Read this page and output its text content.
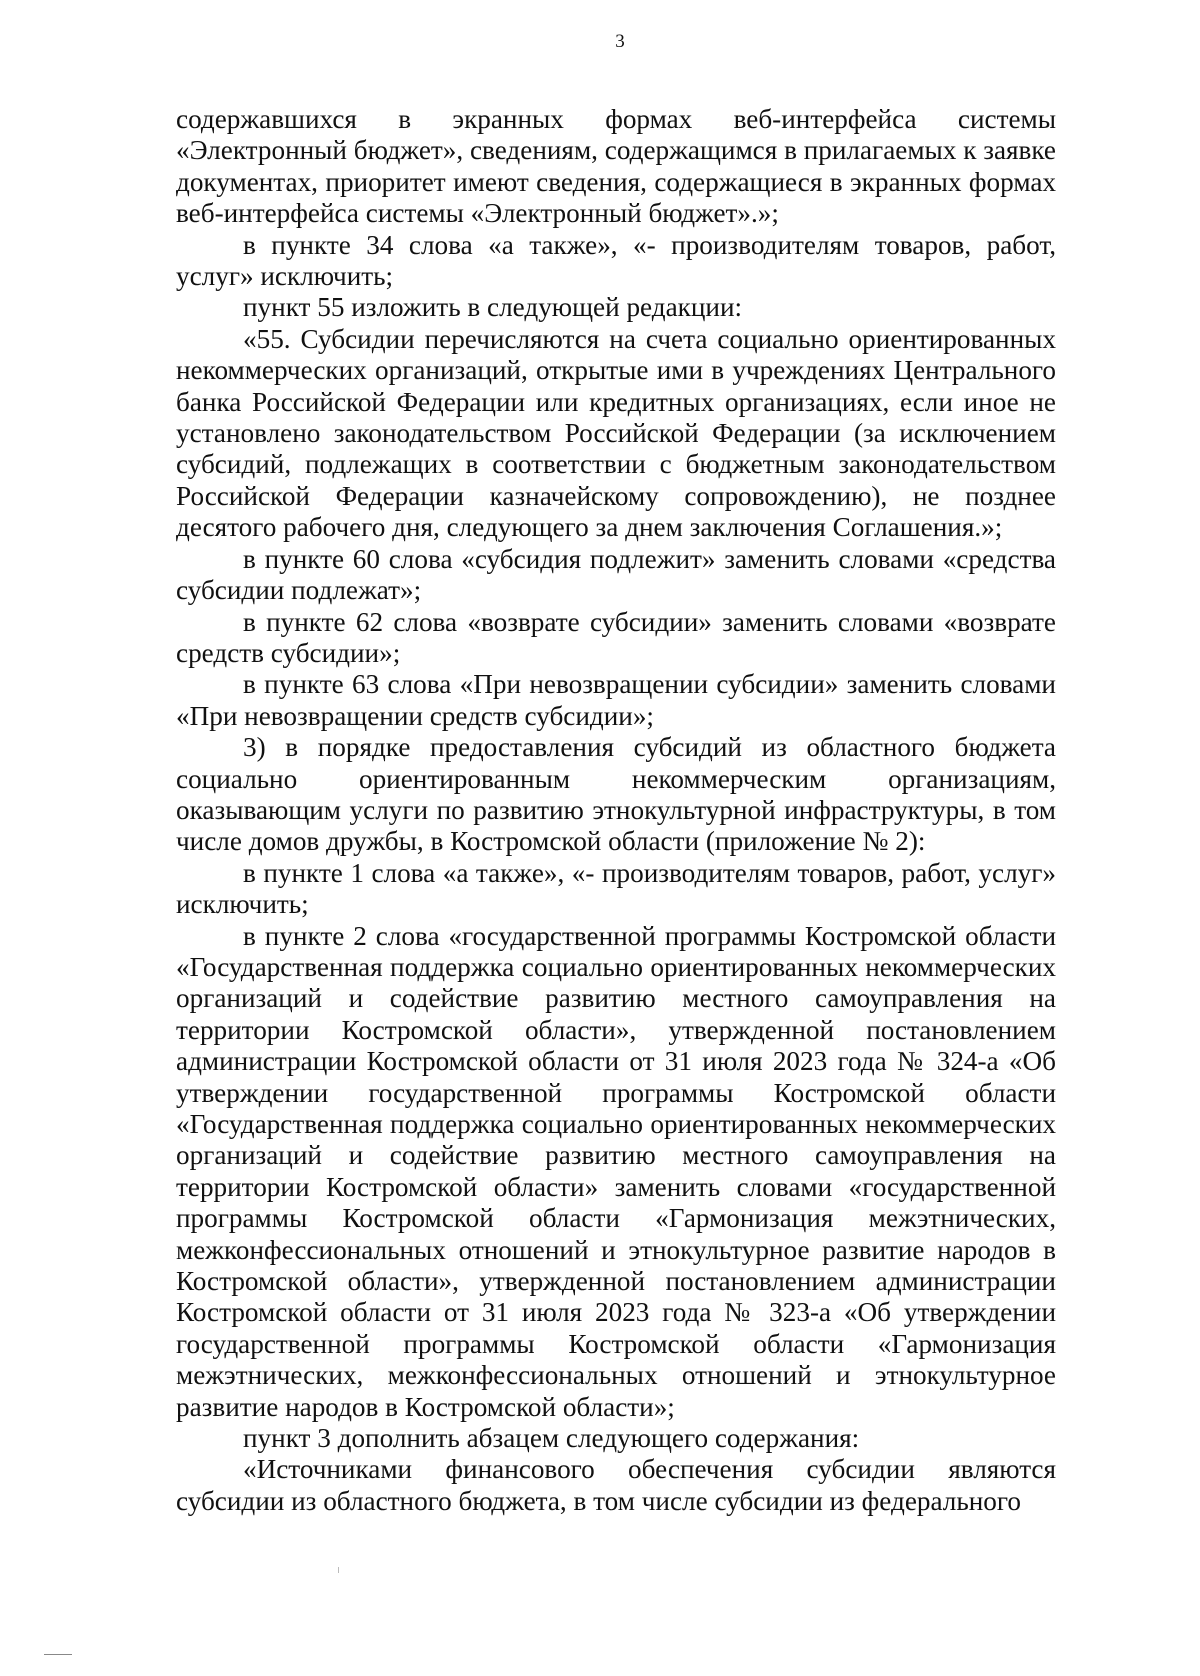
3

содержавшихся в экранных формах веб-интерфейса системы «Электронный бюджет», сведениям, содержащимся в прилагаемых к заявке документах, приоритет имеют сведения, содержащиеся в экранных формах веб-интерфейса системы «Электронный бюджет».»;

в пункте 34 слова «а также», «- производителям товаров, работ, услуг» исключить;

пункт 55 изложить в следующей редакции:

«55. Субсидии перечисляются на счета социально ориентированных некоммерческих организаций, открытые ими в учреждениях Центрального банка Российской Федерации или кредитных организациях, если иное не установлено законодательством Российской Федерации (за исключением субсидий, подлежащих в соответствии с бюджетным законодательством Российской Федерации казначейскому сопровождению), не позднее десятого рабочего дня, следующего за днем заключения Соглашения.»;

в пункте 60 слова «субсидия подлежит» заменить словами «средства субсидии подлежат»;

в пункте 62 слова «возврате субсидии» заменить словами «возврате средств субсидии»;

в пункте 63 слова «При невозвращении субсидии» заменить словами «При невозвращении средств субсидии»;

3) в порядке предоставления субсидий из областного бюджета социально ориентированным некоммерческим организациям, оказывающим услуги по развитию этнокультурной инфраструктуры, в том числе домов дружбы, в Костромской области (приложение № 2):

в пункте 1 слова «а также», «- производителям товаров, работ, услуг» исключить;

в пункте 2 слова «государственной программы Костромской области «Государственная поддержка социально ориентированных некоммерческих организаций и содействие развитию местного самоуправления на территории Костромской области», утвержденной постановлением администрации Костромской области от 31 июля 2023 года № 324-а «Об утверждении государственной программы Костромской области «Государственная поддержка социально ориентированных некоммерческих организаций и содействие развитию местного самоуправления на территории Костромской области» заменить словами «государственной программы Костромской области «Гармонизация межэтнических, межконфессиональных отношений и этнокультурное развитие народов в Костромской области», утвержденной постановлением администрации Костромской области от 31 июля 2023 года № 323-а «Об утверждении государственной программы Костромской области «Гармонизация межэтнических, межконфессиональных отношений и этнокультурное развитие народов в Костромской области»;

пункт 3 дополнить абзацем следующего содержания:

«Источниками финансового обеспечения субсидии являются субсидии из областного бюджета, в том числе субсидии из федерального
